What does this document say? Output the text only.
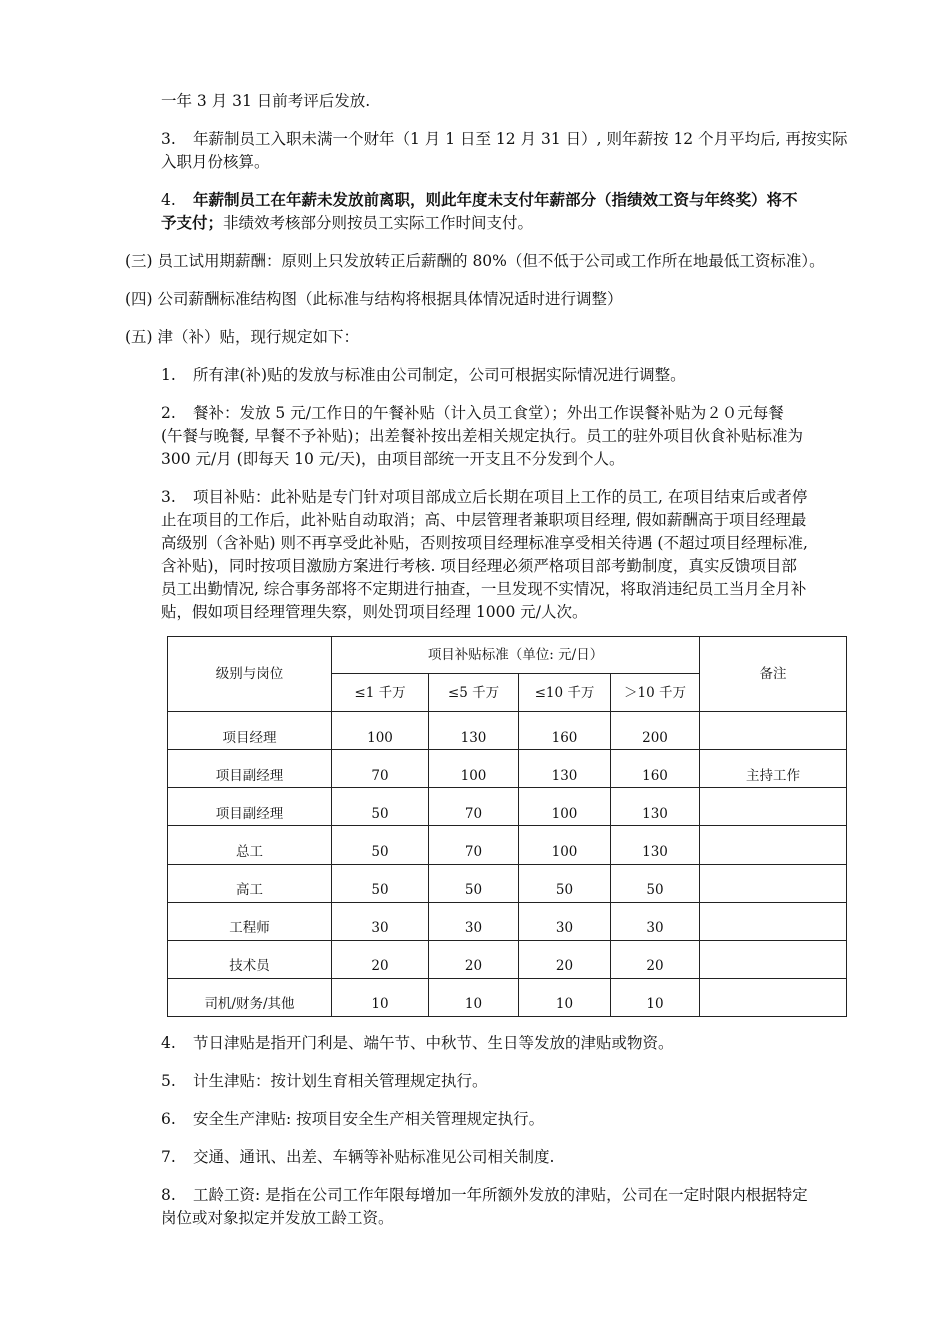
一年 3 月 31 日前考评后发放.
3. 年薪制员工入职未满一个财年（1 月 1 日至 12 月 31 日）, 则年薪按 12 个月平均后, 再按实际
入职月份核算。
4. 年薪制员工在年薪未发放前离职，则此年度未支付年薪部分（指绩效工资与年终奖）将不
予支付；非绩效考核部分则按员工实际工作时间支付。
(三) 员工试用期薪酬：原则上只发放转正后薪酬的 80%（但不低于公司或工作所在地最低工资标准）。
(四) 公司薪酬标准结构图（此标准与结构将根据具体情况适时进行调整）
(五) 津（补）贴，现行规定如下：
1. 所有津(补)贴的发放与标准由公司制定，公司可根据实际情况进行调整。
2. 餐补：发放 5 元/工作日的午餐补贴（计入员工食堂）；外出工作误餐补贴为２０元每餐
(午餐与晚餐, 早餐不予补贴)；出差餐补按出差相关规定执行。员工的驻外项目伙食补贴标准为
300 元/月 (即每天 10 元/天)，由项目部统一开支且不分发到个人。
3. 项目补贴：此补贴是专门针对项目部成立后长期在项目上工作的员工, 在项目结束后或者停
止在项目的工作后，此补贴自动取消；高、中层管理者兼职项目经理, 假如薪酬高于项目经理最
高级别（含补贴) 则不再享受此补贴，否则按项目经理标准享受相关待遇 (不超过项目经理标准,
含补贴)，同时按项目激励方案进行考核. 项目经理必须严格项目部考勤制度，真实反馈项目部
员工出勤情况, 综合事务部将不定期进行抽查，一旦发现不实情况，将取消违纪员工当月全月补
贴，假如项目经理管理失察，则处罚项目经理 1000 元/人次。
级别与岗位	项目补贴标准（单位: 元/日）				备注
	≤1 千万	≤5 千万	≤10 千万	＞10 千万	
项目经理	100	130	160	200	
项目副经理	70	100	130	160	主持工作
项目副经理	50	70	100	130	
总工	50	70	100	130	
高工	50	50	50	50	
工程师	30	30	30	30	
技术员	20	20	20	20	
司机/财务/其他	10	10	10	10	
4. 节日津贴是指开门利是、端午节、中秋节、生日等发放的津贴或物资。
5. 计生津贴：按计划生育相关管理规定执行。
6. 安全生产津贴: 按项目安全生产相关管理规定执行。
7. 交通、通讯、出差、车辆等补贴标准见公司相关制度.
8. 工龄工资: 是指在公司工作年限每增加一年所额外发放的津贴，公司在一定时限内根据特定
岗位或对象拟定并发放工龄工资。
